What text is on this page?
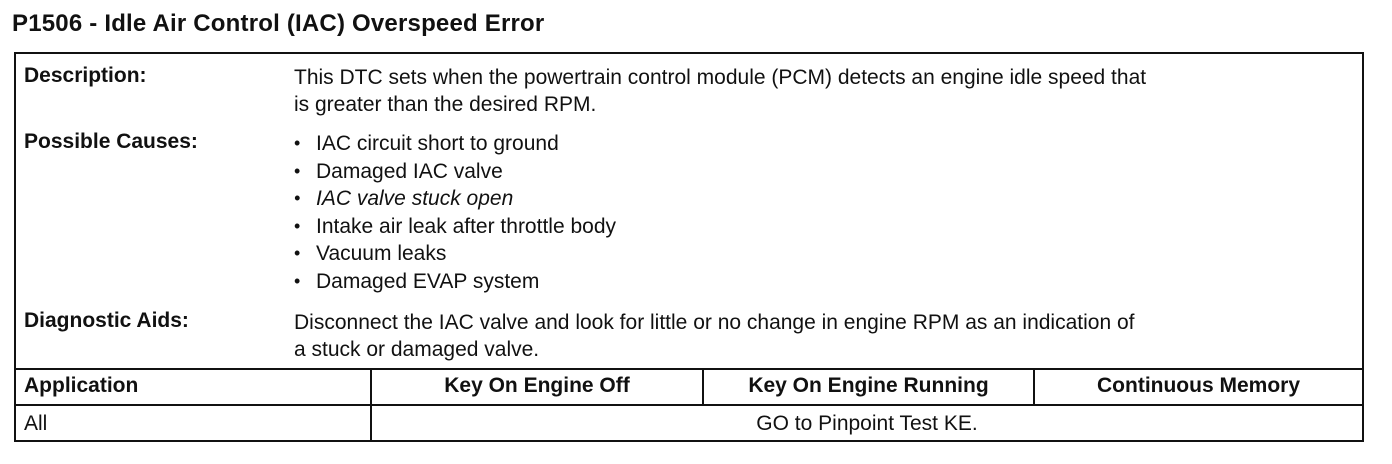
P1506 - Idle Air Control (IAC) Overspeed Error
Description:	This DTC sets when the powertrain control module (PCM) detects an engine idle speed that
is greater than the desired RPM.
Possible Causes:
•	IAC circuit short to ground
• Damaged IAC valve
• IAC valve stuck open
• Intake air leak after throttle body
• Vacuum leaks
• Damaged EVAP system
Diagnostic Aids:	Disconnect the IAC valve and look for little or no change in engine RPM as an indication of
a stuck or damaged valve.
Application	Key On Engine Off	Key On Engine Running	Continuous Memory
All	GO to Pinpoint Test KE.
